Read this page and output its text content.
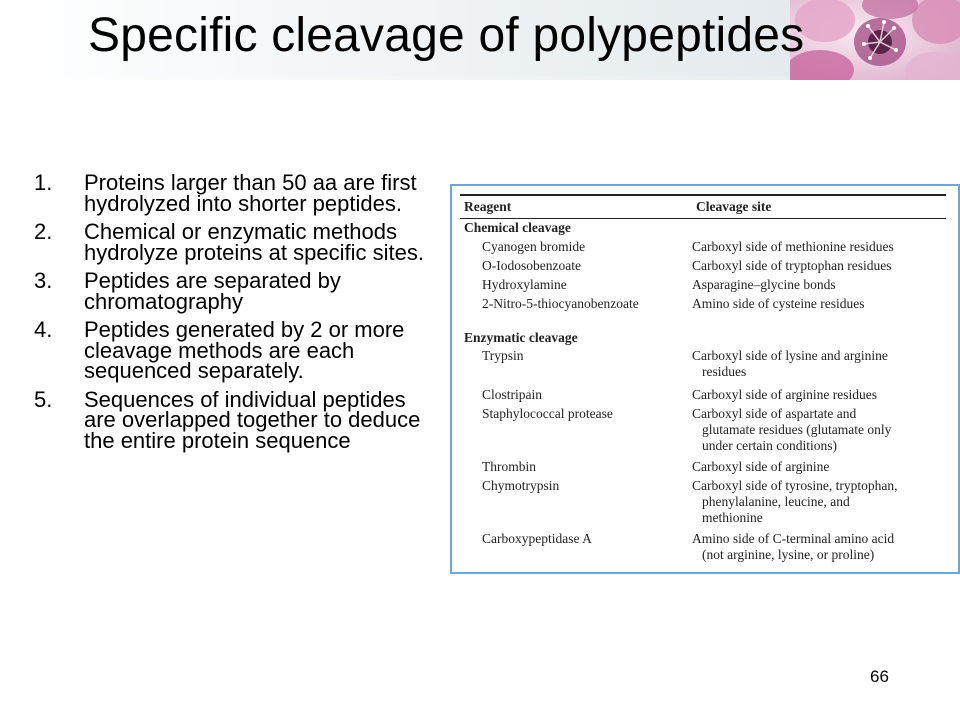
Specific cleavage of polypeptides
1.	Proteins larger than 50 aa are first hydrolyzed into shorter peptides.
2.	Chemical or enzymatic methods hydrolyze proteins at specific sites.
3.	Peptides are separated by chromatography
4.	Peptides generated by 2 or more cleavage methods are each sequenced separately.
5.	Sequences of individual peptides are overlapped together to deduce the entire protein sequence
Reagent	Cleavage site
Chemical cleavage
Cyanogen bromide	Carboxyl side of methionine residues
O-Iodosobenzoate	Carboxyl side of tryptophan residues
Hydroxylamine	Asparagine–glycine bonds
2-Nitro-5-thiocyanobenzoate	Amino side of cysteine residues
Enzymatic cleavage
Trypsin	Carboxyl side of lysine and arginine
residues
Clostripain	Carboxyl side of arginine residues
Staphylococcal protease	Carboxyl side of aspartate and
glutamate residues (glutamate only
under certain conditions)
Thrombin	Carboxyl side of arginine
Chymotrypsin	Carboxyl side of tyrosine, tryptophan,
phenylalanine, leucine, and
methionine
Carboxypeptidase A	Amino side of C-terminal amino acid
(not arginine, lysine, or proline)
66
